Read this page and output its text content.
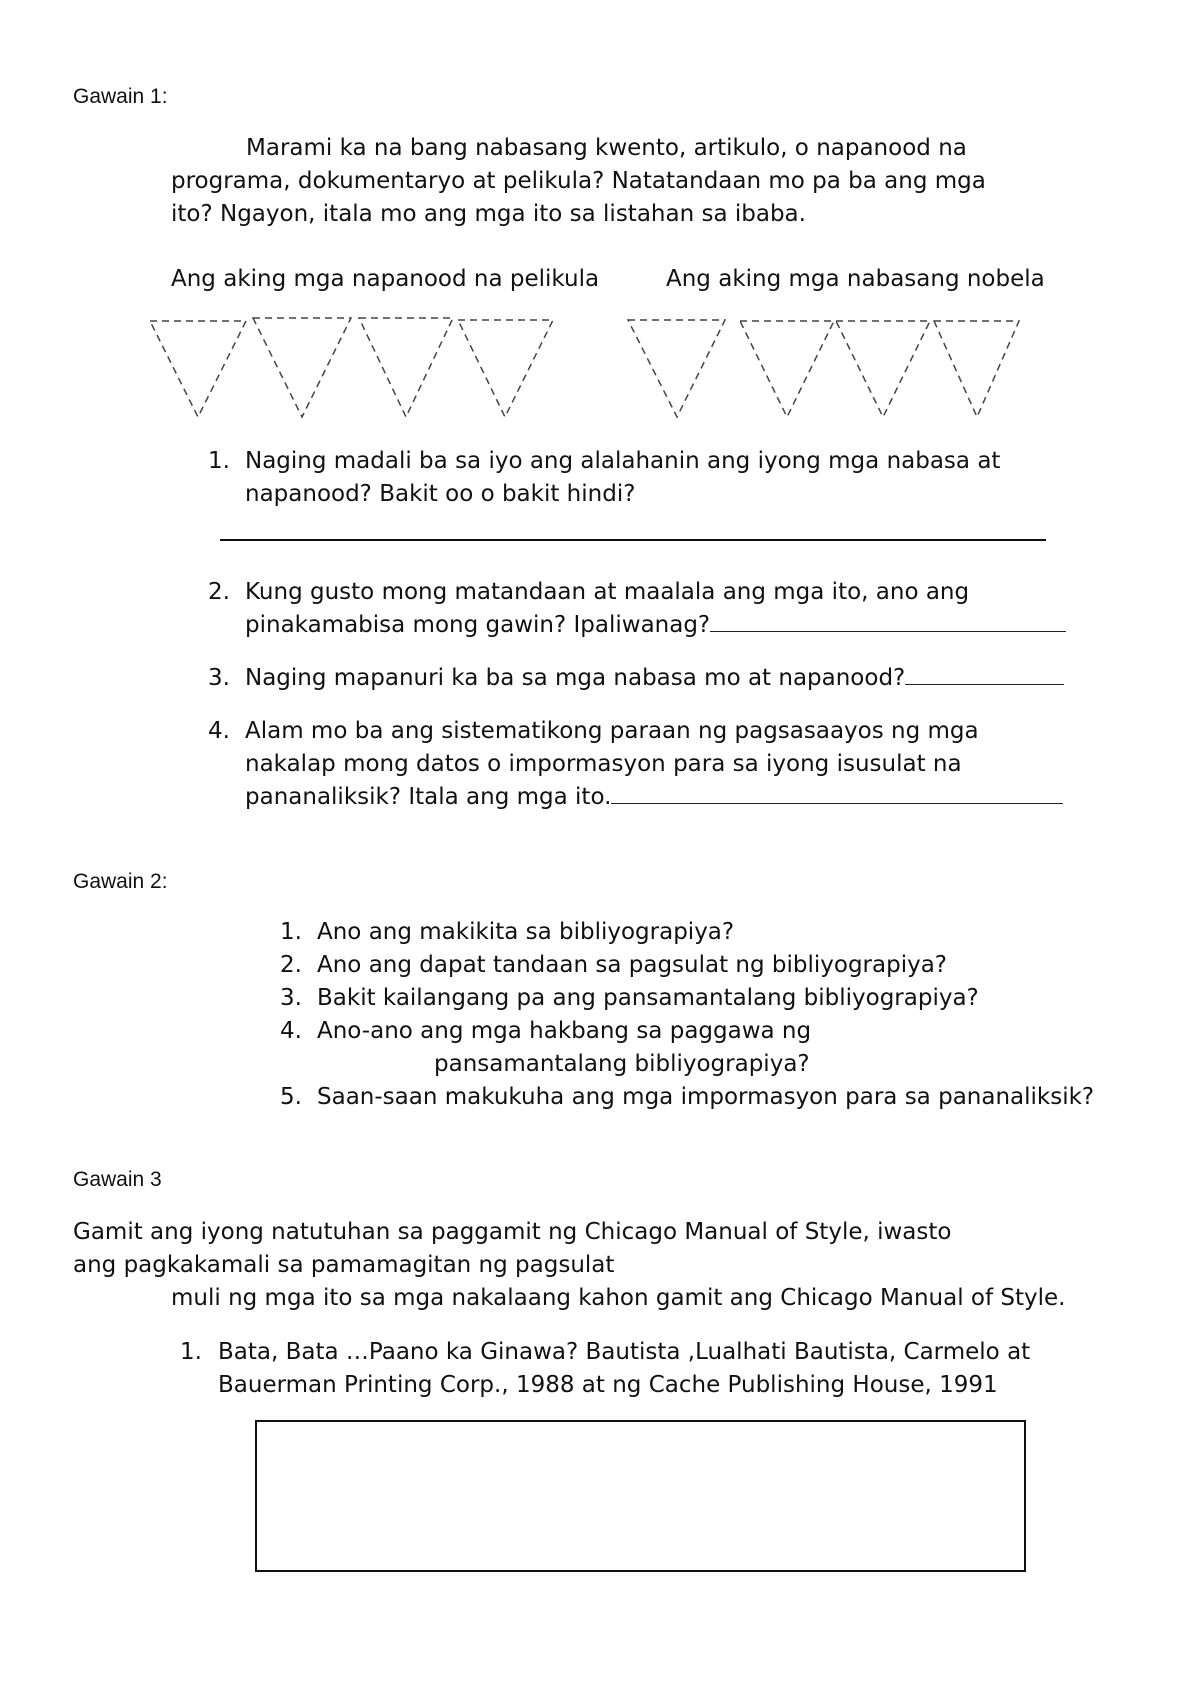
Gawain 1:
Marami ka na bang nabasang kwento, artikulo, o napanood na
programa, dokumentaryo at pelikula? Natatandaan mo pa ba ang mga
ito? Ngayon, itala mo ang mga ito sa listahan sa ibaba.
Ang aking mga napanood na pelikula	Ang aking mga nabasang nobela
1. Naging madali ba sa iyo ang alalahanin ang iyong mga nabasa at
napanood? Bakit oo o bakit hindi?
2. Kung gusto mong matandaan at maalala ang mga ito, ano ang
pinakamabisa mong gawin? Ipaliwanag?
3. Naging mapanuri ka ba sa mga nabasa mo at napanood?
4. Alam mo ba ang sistematikong paraan ng pagsasaayos ng mga
nakalap mong datos o impormasyon para sa iyong isusulat na
pananaliksik? Itala ang mga ito.
Gawain 2:
1. Ano ang makikita sa bibliyograpiya?
2. Ano ang dapat tandaan sa pagsulat ng bibliyograpiya?
3. Bakit kailangang pa ang pansamantalang bibliyograpiya?
4. Ano-ano ang mga hakbang sa paggawa ng
pansamantalang bibliyograpiya?
5. Saan-saan makukuha ang mga impormasyon para sa pananaliksik?
Gawain 3
Gamit ang iyong natutuhan sa paggamit ng Chicago Manual of Style, iwasto
ang pagkakamali sa pamamagitan ng pagsulat
muli ng mga ito sa mga nakalaang kahon gamit ang Chicago Manual of Style.
1. Bata, Bata …Paano ka Ginawa? Bautista ,Lualhati Bautista, Carmelo at
Bauerman Printing Corp., 1988 at ng Cache Publishing House, 1991
